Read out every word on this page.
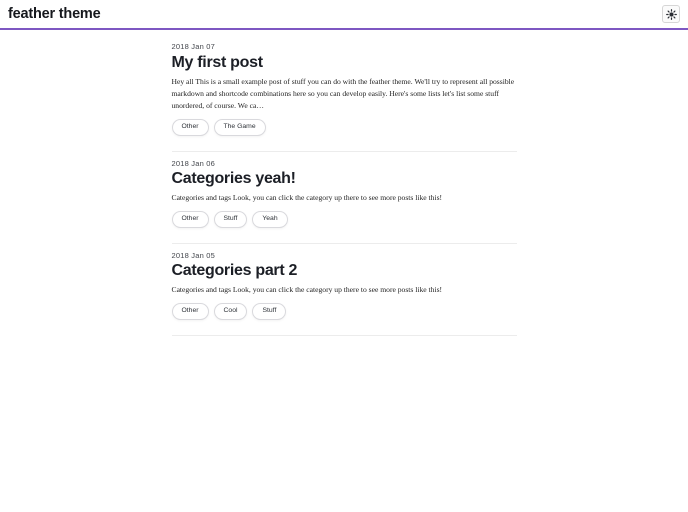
feather theme
2018 Jan 07
My first post

Hey all This is a small example post of stuff you can do with the feather theme. We'll try to represent all possible markdown and shortcode combinations here so you can develop easily. Here's some lists let's list some stuff unordered, of course. We ca…

Other	The Game
2018 Jan 06
Categories yeah!

Categories and tags Look, you can click the category up there to see more posts like this!

Other	Stuff	Yeah
2018 Jan 05
Categories part 2

Categories and tags Look, you can click the category up there to see more posts like this!

Other	Cool	Stuff
